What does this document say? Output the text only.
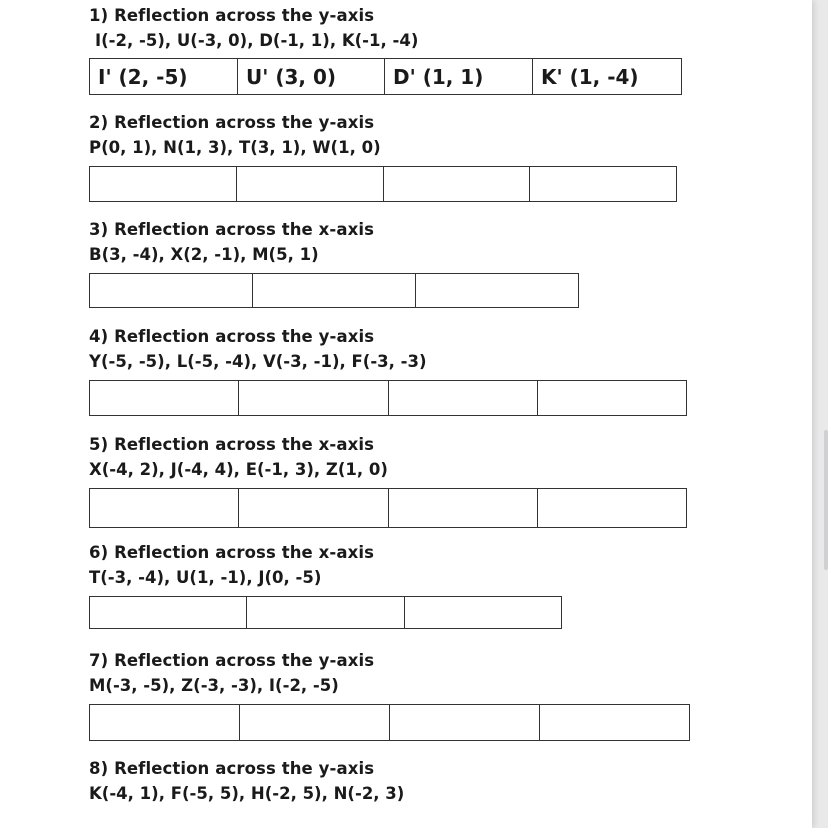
1) Reflection across the y-axis
I(-2, -5), U(-3, 0), D(-1, 1), K(-1, -4)
I' (2, -5)	U' (3, 0)	D' (1, 1)	K' (1, -4)
2) Reflection across the y-axis
P(0, 1), N(1, 3), T(3, 1), W(1, 0)
3) Reflection across the x-axis
B(3, -4), X(2, -1), M(5, 1)
4) Reflection across the y-axis
Y(-5, -5), L(-5, -4), V(-3, -1), F(-3, -3)
5) Reflection across the x-axis
X(-4, 2), J(-4, 4), E(-1, 3), Z(1, 0)
6) Reflection across the x-axis
T(-3, -4), U(1, -1), J(0, -5)
7) Reflection across the y-axis
M(-3, -5), Z(-3, -3), I(-2, -5)
8) Reflection across the y-axis
K(-4, 1), F(-5, 5), H(-2, 5), N(-2, 3)
